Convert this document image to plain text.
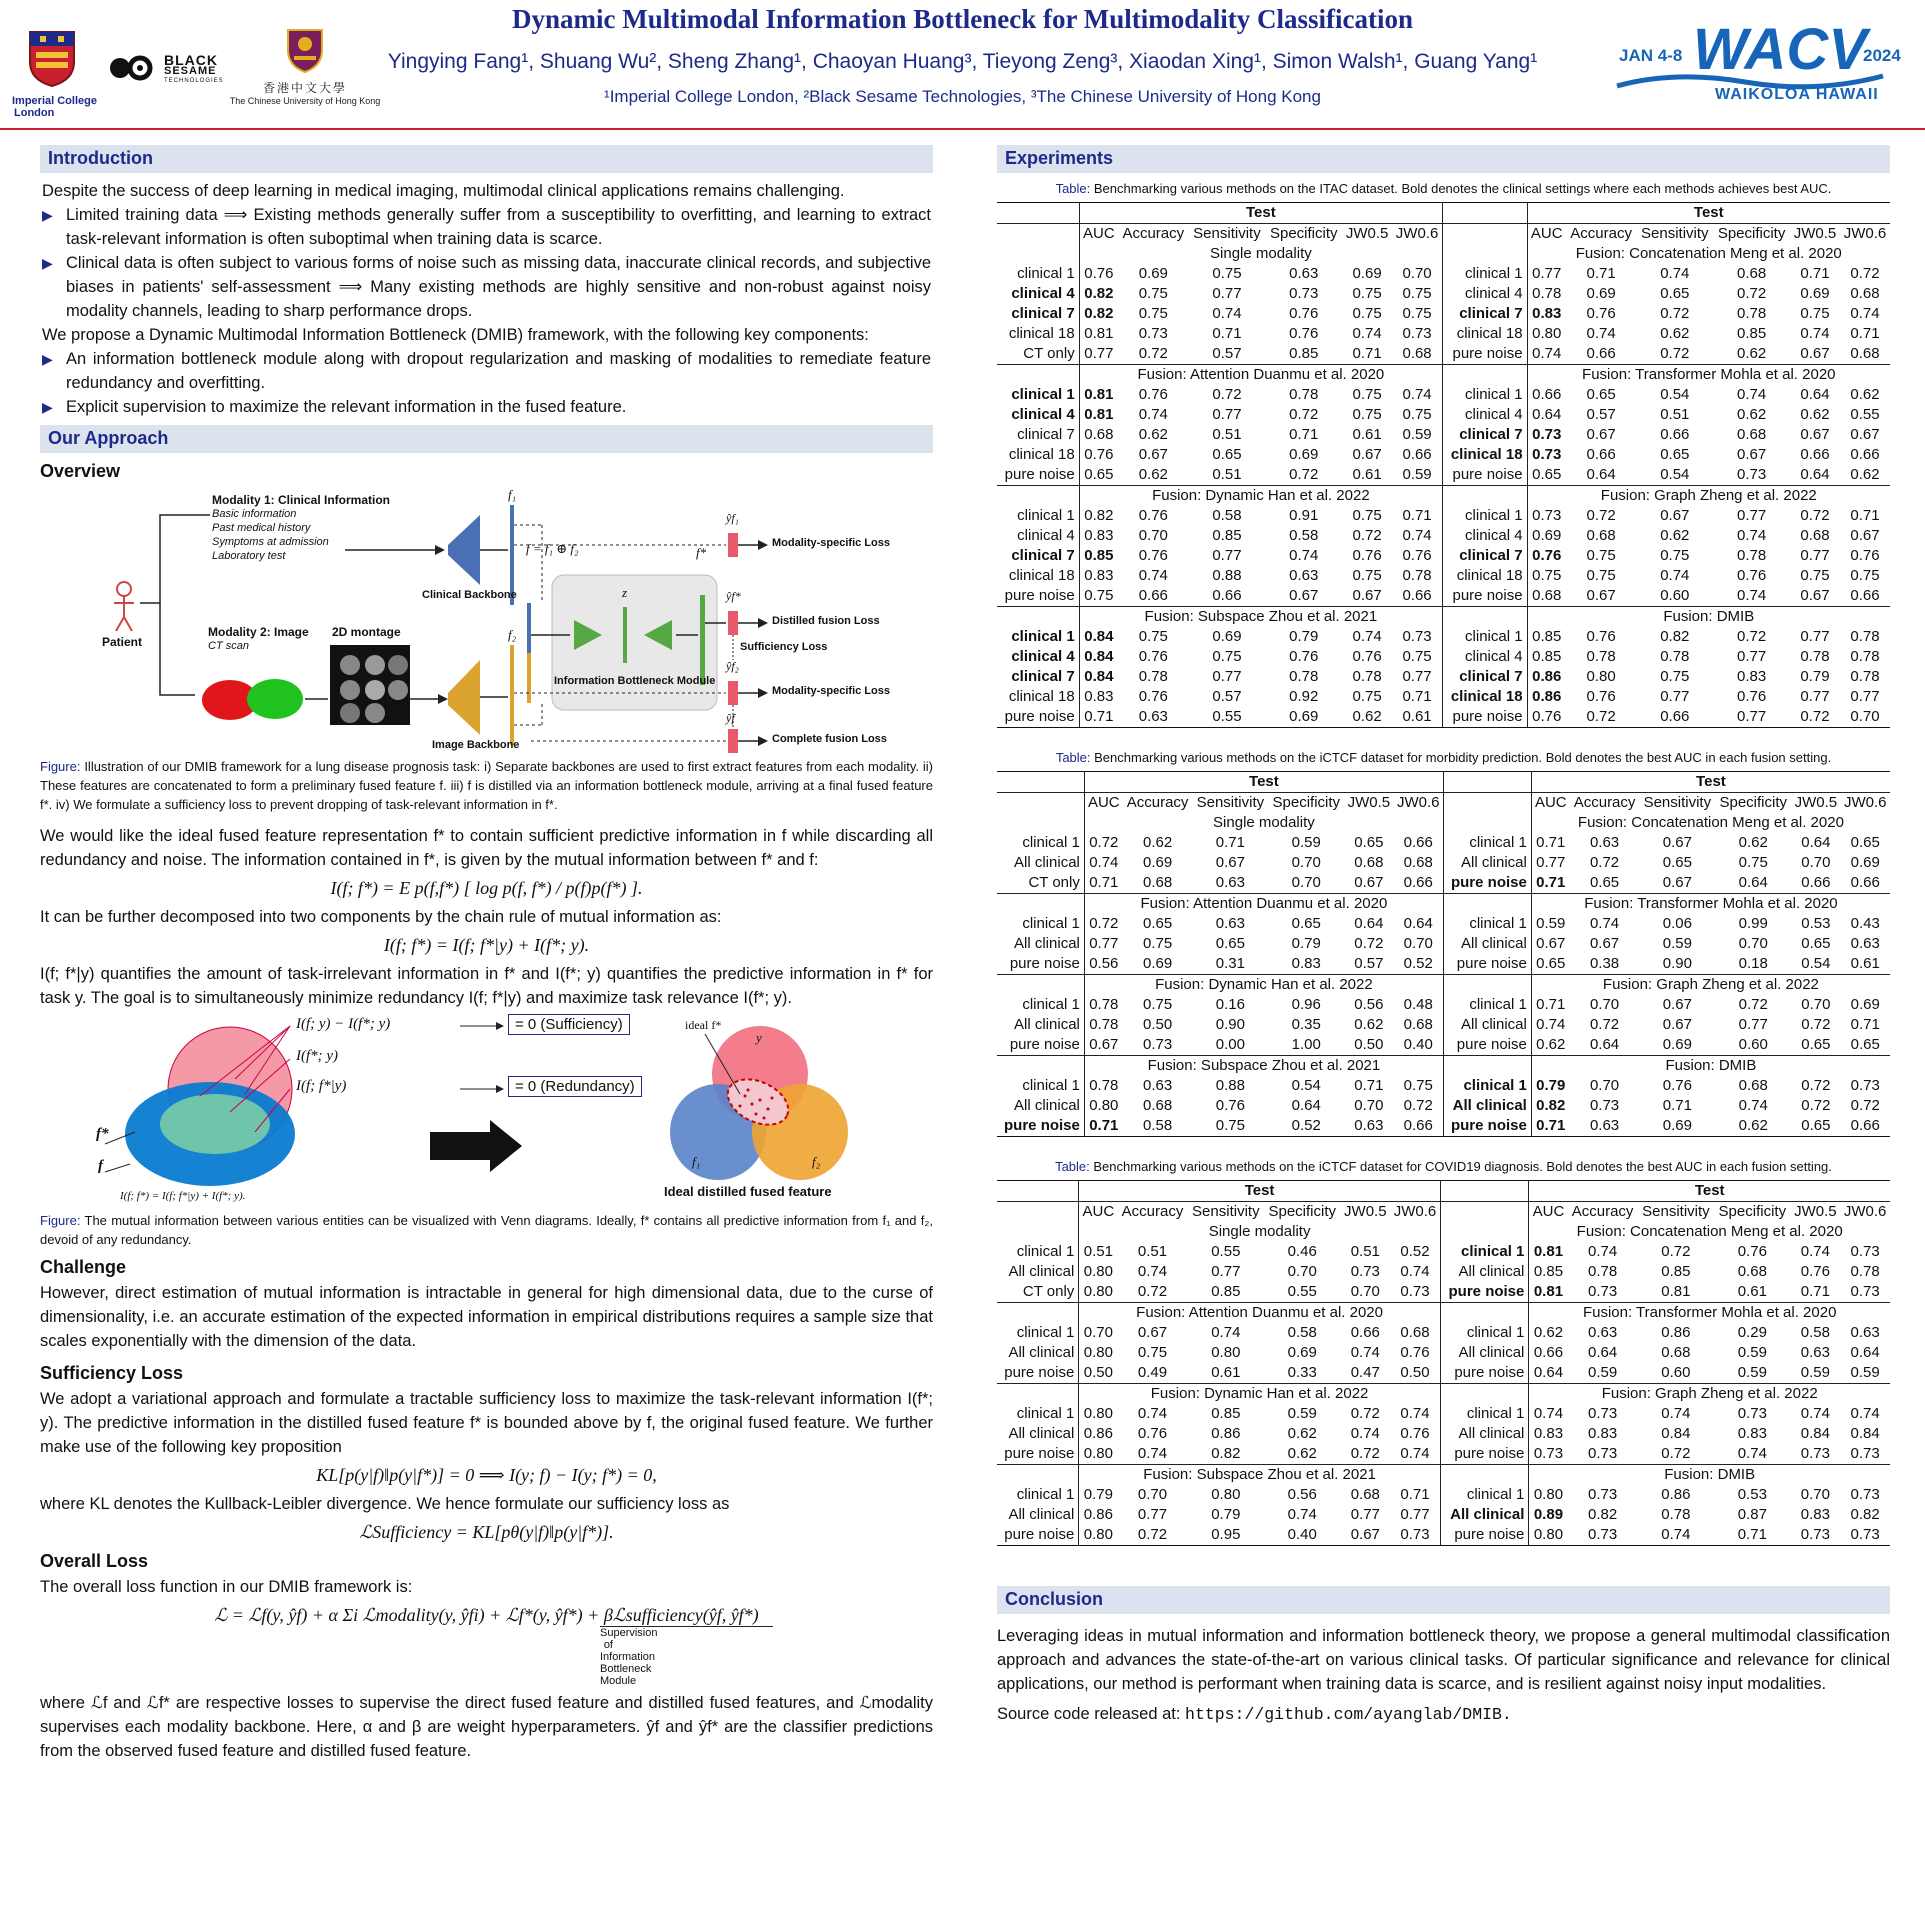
Imperial College
London
BLACK
SESAME
TECHNOLOGIES	香港中文大學
The Chinese University of Hong Kong
Dynamic Multimodal Information Bottleneck for Multimodality Classification
Yingying Fang¹, Shuang Wu², Sheng Zhang¹, Chaoyan Huang³, Tieyong Zeng³, Xiaodan Xing¹, Simon Walsh¹, Guang Yang¹
¹Imperial College London, ²Black Sesame Technologies, ³The Chinese University of Hong Kong
JAN 4-8 WACV
2024
WAIKOLOA HAWAII
Introduction

Despite the success of deep learning in medical imaging, multimodal clinical applications remains challenging.

▶ Limited training data ⟹ Existing methods generally suffer from a susceptibility to overfitting, and learning to extract task-relevant information is often suboptimal when training data is scarce.
▶ Clinical data is often subject to various forms of noise such as missing data, inaccurate clinical records, and subjective biases in patients' self-assessment ⟹ Many existing methods are highly sensitive and non-robust against noisy modality channels, leading to sharp performance drops.

We propose a Dynamic Multimodal Information Bottleneck (DMIB) framework, with the following key components:

▶ An information bottleneck module along with dropout regularization and masking of modalities to remediate feature redundancy and overfitting.
▶ Explicit supervision to maximize the relevant information in the fused feature.
Our Approach
Overview
Modality 1: Clinical Information
Basic information
Past medical history
Symptoms at admission
Laboratory test
Patient
Modality 2: Image
CT scan
2D montage
Clinical Backbone
Image Backbone
Information Bottleneck Module
f = f₁ ⊕ f₂
f₁
f₂
z
f*
ŷf₁
ŷf*
ŷf₂
ŷf
Modality-specific Loss
Distilled fusion Loss
Sufficiency Loss
Modality-specific Loss
Complete fusion Loss
Figure: Illustration of our DMIB framework for a lung disease prognosis task: i) Separate backbones are used to first extract features from each modality. ii) These features are concatenated to form a preliminary fused feature f. iii) f is distilled via an information bottleneck module, arriving at a final fused feature f*. iv) We formulate a sufficiency loss to prevent dropping of task-relevant information in f*.

We would like the ideal fused feature representation f* to contain sufficient predictive information in f while discarding all redundancy and noise. The information contained in f*, is given by the mutual information between f* and f:

I(f; f*) = E p(f,f*) [ log p(f, f*) / p(f)p(f*) ].

It can be further decomposed into two components by the chain rule of mutual information as:

I(f; f*) = I(f; f*|y) + I(f*; y).

I(f; f*|y) quantifies the amount of task-irrelevant information in f* and I(f*; y) quantifies the predictive information in f* for task y. The goal is to simultaneously minimize redundancy I(f; f*|y) and maximize task relevance I(f*; y).

I(f; y) − I(f*; y)
I(f*; y)
I(f; f*|y)
= 0 (Sufficiency)
= 0 (Redundancy)
f*
f
I(f; f*) = I(f; f*|y) + I(f*; y).
ideal f*
y
f₁	f₂
Ideal distilled fused feature
Figure: The mutual information between various entities can be visualized with Venn diagrams. Ideally, f* contains all predictive information from f₁ and f₂, devoid of any redundancy.
Challenge

However, direct estimation of mutual information is intractable in general for high dimensional data, due to the curse of dimensionality, i.e. an accurate estimation of the expected information in empirical distributions requires a sample size that scales exponentially with the dimension of the data.

Sufficiency Loss

We adopt a variational approach and formulate a tractable sufficiency loss to maximize the task-relevant information I(f*; y). The predictive information in the distilled fused feature f* is bounded above by f, the original fused feature. We further make use of the following key proposition

KL[p(y|f)‖p(y|f*)] = 0 ⟹ I(y; f) − I(y; f*) = 0,

where KL denotes the Kullback-Leibler divergence. We hence formulate our sufficiency loss as

ℒSufficiency = KL[pθ(y|f)‖p(y|f*)].
Overall Loss

The overall loss function in our DMIB framework is:

ℒ = ℒf(y, ŷf) + α Σi ℒmodality(y, ŷfi) + ℒf*(y, ŷf*) + βℒsufficiency(ŷf, ŷf*)
Supervision of Information Bottleneck Module

where ℒf and ℒf* are respective losses to supervise the direct fused feature and distilled fused features, and ℒmodality supervises each modality backbone. Here, α and β are weight hyperparameters. ŷf and ŷf* are the classifier predictions from the observed fused feature and distilled fused feature.

Experiments
Table: Benchmarking various methods on the ITAC dataset. Bold denotes the clinical settings where each methods achieves best AUC.
	Test							Test					
	AUC	Accuracy	Sensitivity	Specificity	JW0.5	JW0.6		AUC	Accuracy	Sensitivity	Specificity	JW0.5	JW0.6
	Single modality							Fusion: Concatenation Meng et al. 2020					
clinical 1	0.76	0.69	0.75	0.63	0.69	0.70	clinical 1	0.77	0.71	0.74	0.68	0.71	0.72
clinical 4	0.82	0.75	0.77	0.73	0.75	0.75	clinical 4	0.78	0.69	0.65	0.72	0.69	0.68
clinical 7	0.82	0.75	0.74	0.76	0.75	0.75	clinical 7	0.83	0.76	0.72	0.78	0.75	0.74
clinical 18	0.81	0.73	0.71	0.76	0.74	0.73	clinical 18	0.80	0.74	0.62	0.85	0.74	0.71
CT only	0.77	0.72	0.57	0.85	0.71	0.68	pure noise	0.74	0.66	0.72	0.62	0.67	0.68
	Fusion: Attention Duanmu et al. 2020							Fusion: Transformer Mohla et al. 2020					
clinical 1	0.81	0.76	0.72	0.78	0.75	0.74	clinical 1	0.66	0.65	0.54	0.74	0.64	0.62
clinical 4	0.81	0.74	0.77	0.72	0.75	0.75	clinical 4	0.64	0.57	0.51	0.62	0.62	0.55
clinical 7	0.68	0.62	0.51	0.71	0.61	0.59	clinical 7	0.73	0.67	0.66	0.68	0.67	0.67
clinical 18	0.76	0.67	0.65	0.69	0.67	0.66	clinical 18	0.73	0.66	0.65	0.67	0.66	0.66
pure noise	0.65	0.62	0.51	0.72	0.61	0.59	pure noise	0.65	0.64	0.54	0.73	0.64	0.62
	Fusion: Dynamic Han et al. 2022							Fusion: Graph Zheng et al. 2022					
clinical 1	0.82	0.76	0.58	0.91	0.75	0.71	clinical 1	0.73	0.72	0.67	0.77	0.72	0.71
clinical 4	0.83	0.70	0.85	0.58	0.72	0.74	clinical 4	0.69	0.68	0.62	0.74	0.68	0.67
clinical 7	0.85	0.76	0.77	0.74	0.76	0.76	clinical 7	0.76	0.75	0.75	0.78	0.77	0.76
clinical 18	0.83	0.74	0.88	0.63	0.75	0.78	clinical 18	0.75	0.75	0.74	0.76	0.75	0.75
pure noise	0.75	0.66	0.66	0.67	0.67	0.66	pure noise	0.68	0.67	0.60	0.74	0.67	0.66
	Fusion: Subspace Zhou et al. 2021							Fusion: DMIB					
clinical 1	0.84	0.75	0.69	0.79	0.74	0.73	clinical 1	0.85	0.76	0.82	0.72	0.77	0.78
clinical 4	0.84	0.76	0.75	0.76	0.76	0.75	clinical 4	0.85	0.78	0.78	0.77	0.78	0.78
clinical 7	0.84	0.78	0.77	0.78	0.78	0.77	clinical 7	0.86	0.80	0.75	0.83	0.79	0.78
clinical 18	0.83	0.76	0.57	0.92	0.75	0.71	clinical 18	0.86	0.76	0.77	0.76	0.77	0.77
pure noise	0.71	0.63	0.55	0.69	0.62	0.61	pure noise	0.76	0.72	0.66	0.77	0.72	0.70
Table: Benchmarking various methods on the iCTCF dataset for morbidity prediction. Bold denotes the best AUC in each fusion setting.
	Test							Test					
	AUC	Accuracy	Sensitivity	Specificity	JW0.5	JW0.6		AUC	Accuracy	Sensitivity	Specificity	JW0.5	JW0.6
	Single modality							Fusion: Concatenation Meng et al. 2020					
clinical 1	0.72	0.62	0.71	0.59	0.65	0.66	clinical 1	0.71	0.63	0.67	0.62	0.64	0.65
All clinical	0.74	0.69	0.67	0.70	0.68	0.68	All clinical	0.77	0.72	0.65	0.75	0.70	0.69
CT only	0.71	0.68	0.63	0.70	0.67	0.66	pure noise	0.71	0.65	0.67	0.64	0.66	0.66
	Fusion: Attention Duanmu et al. 2020							Fusion: Transformer Mohla et al. 2020					
clinical 1	0.72	0.65	0.63	0.65	0.64	0.64	clinical 1	0.59	0.74	0.06	0.99	0.53	0.43
All clinical	0.77	0.75	0.65	0.79	0.72	0.70	All clinical	0.67	0.67	0.59	0.70	0.65	0.63
pure noise	0.56	0.69	0.31	0.83	0.57	0.52	pure noise	0.65	0.38	0.90	0.18	0.54	0.61
	Fusion: Dynamic Han et al. 2022							Fusion: Graph Zheng et al. 2022					
clinical 1	0.78	0.75	0.16	0.96	0.56	0.48	clinical 1	0.71	0.70	0.67	0.72	0.70	0.69
All clinical	0.78	0.50	0.90	0.35	0.62	0.68	All clinical	0.74	0.72	0.67	0.77	0.72	0.71
pure noise	0.67	0.73	0.00	1.00	0.50	0.40	pure noise	0.62	0.64	0.69	0.60	0.65	0.65
	Fusion: Subspace Zhou et al. 2021							Fusion: DMIB					
clinical 1	0.78	0.63	0.88	0.54	0.71	0.75	clinical 1	0.79	0.70	0.76	0.68	0.72	0.73
All clinical	0.80	0.68	0.76	0.64	0.70	0.72	All clinical	0.82	0.73	0.71	0.74	0.72	0.72
pure noise	0.71	0.58	0.75	0.52	0.63	0.66	pure noise	0.71	0.63	0.69	0.62	0.65	0.66
Table: Benchmarking various methods on the iCTCF dataset for COVID19 diagnosis. Bold denotes the best AUC in each fusion setting.
	Test							Test					
	AUC	Accuracy	Sensitivity	Specificity	JW0.5	JW0.6		AUC	Accuracy	Sensitivity	Specificity	JW0.5	JW0.6
	Single modality							Fusion: Concatenation Meng et al. 2020					
clinical 1	0.51	0.51	0.55	0.46	0.51	0.52	clinical 1	0.81	0.74	0.72	0.76	0.74	0.73
All clinical	0.80	0.74	0.77	0.70	0.73	0.74	All clinical	0.85	0.78	0.85	0.68	0.76	0.78
CT only	0.80	0.72	0.85	0.55	0.70	0.73	pure noise	0.81	0.73	0.81	0.61	0.71	0.73
	Fusion: Attention Duanmu et al. 2020							Fusion: Transformer Mohla et al. 2020					
clinical 1	0.70	0.67	0.74	0.58	0.66	0.68	clinical 1	0.62	0.63	0.86	0.29	0.58	0.63
All clinical	0.80	0.75	0.80	0.69	0.74	0.76	All clinical	0.66	0.64	0.68	0.59	0.63	0.64
pure noise	0.50	0.49	0.61	0.33	0.47	0.50	pure noise	0.64	0.59	0.60	0.59	0.59	0.59
	Fusion: Dynamic Han et al. 2022							Fusion: Graph Zheng et al. 2022					
clinical 1	0.80	0.74	0.85	0.59	0.72	0.74	clinical 1	0.74	0.73	0.74	0.73	0.74	0.74
All clinical	0.86	0.76	0.86	0.62	0.74	0.76	All clinical	0.83	0.83	0.84	0.83	0.84	0.84
pure noise	0.80	0.74	0.82	0.62	0.72	0.74	pure noise	0.73	0.73	0.72	0.74	0.73	0.73
	Fusion: Subspace Zhou et al. 2021							Fusion: DMIB					
clinical 1	0.79	0.70	0.80	0.56	0.68	0.71	clinical 1	0.80	0.73	0.86	0.53	0.70	0.73
All clinical	0.86	0.77	0.79	0.74	0.77	0.77	All clinical	0.89	0.82	0.78	0.87	0.83	0.82
pure noise	0.80	0.72	0.95	0.40	0.67	0.73	pure noise	0.80	0.73	0.74	0.71	0.73	0.73
Conclusion

Leveraging ideas in mutual information and information bottleneck theory, we propose a general multimodal classification approach and advances the state-of-the-art on various clinical tasks. Of particular significance and relevance for clinical applications, our method is performant when training data is scarce, and is resilient against noisy input modalities.

Source code released at: https://github.com/ayanglab/DMIB.
